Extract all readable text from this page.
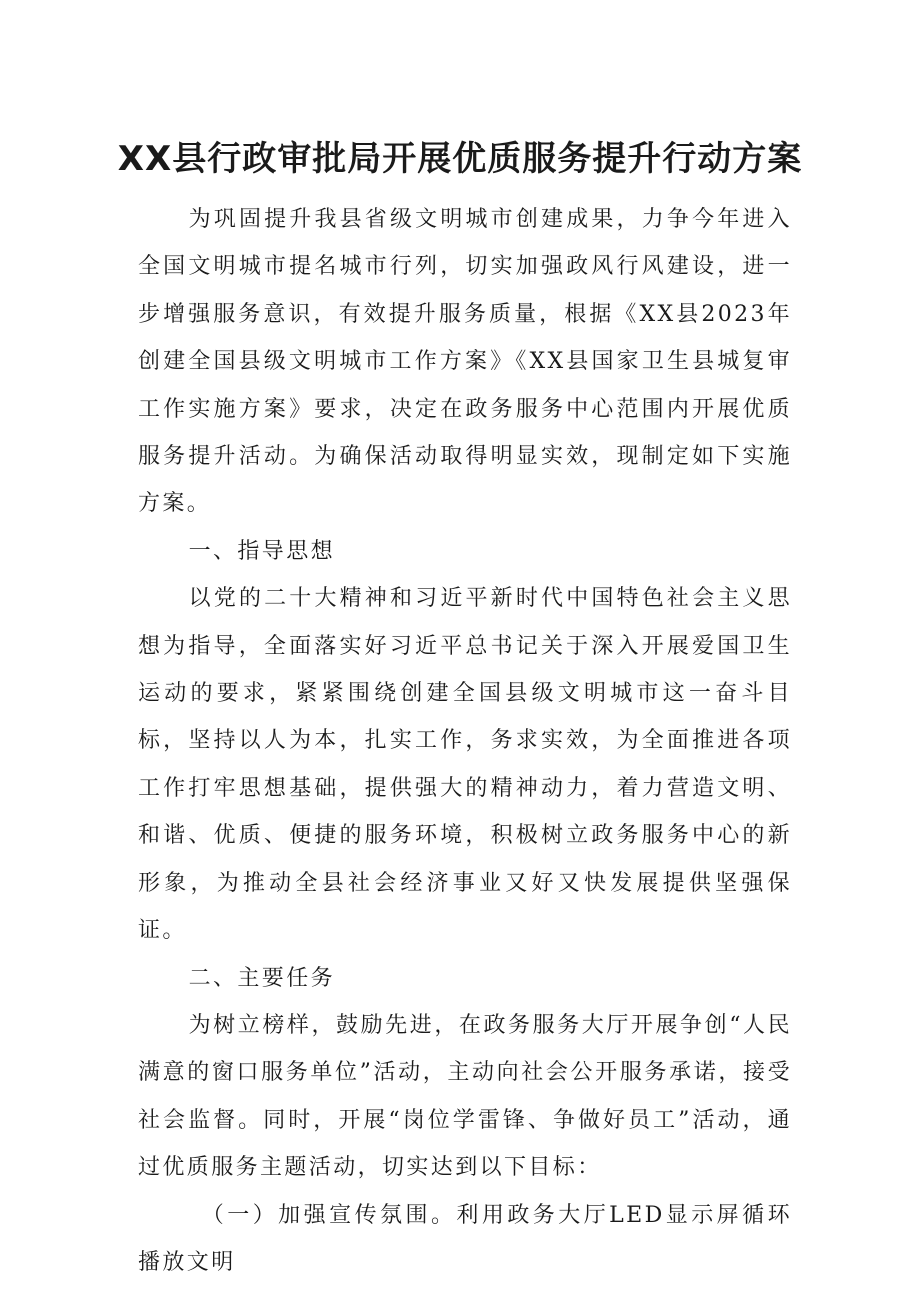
XX县行政审批局开展优质服务提升行动方案

为巩固提升我县省级文明城市创建成果，力争今年进入全国文明城市提名城市行列，切实加强政风行风建设，进一步增强服务意识，有效提升服务质量，根据《XX县2023年创建全国县级文明城市工作方案》《XX县国家卫生县城复审工作实施方案》要求，决定在政务服务中心范围内开展优质服务提升活动。为确保活动取得明显实效，现制定如下实施方案。

一、指导思想

以党的二十大精神和习近平新时代中国特色社会主义思想为指导，全面落实好习近平总书记关于深入开展爱国卫生运动的要求，紧紧围绕创建全国县级文明城市这一奋斗目标，坚持以人为本，扎实工作，务求实效，为全面推进各项工作打牢思想基础，提供强大的精神动力，着力营造文明、和谐、优质、便捷的服务环境，积极树立政务服务中心的新形象，为推动全县社会经济事业又好又快发展提供坚强保证。

二、主要任务

为树立榜样，鼓励先进，在政务服务大厅开展争创“人民满意的窗口服务单位”活动，主动向社会公开服务承诺，接受社会监督。同时，开展“岗位学雷锋、争做好员工”活动，通过优质服务主题活动，切实达到以下目标：

（一）加强宣传氛围。利用政务大厅LED显示屏循环播放文明
